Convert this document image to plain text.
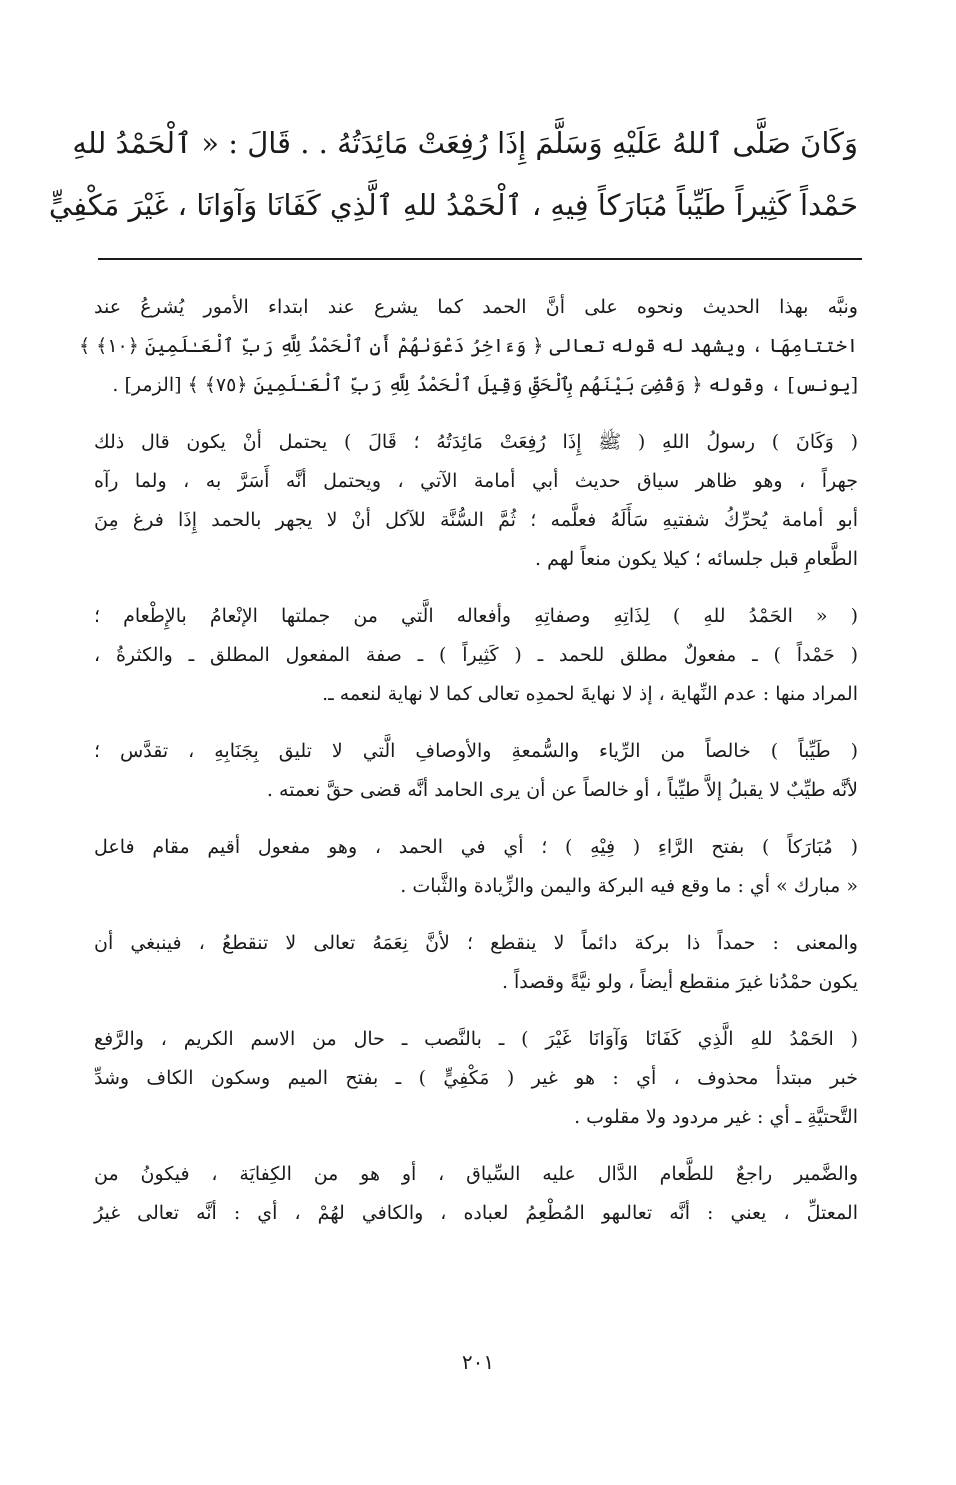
وَكَانَ صَلَّى ٱللهُ عَلَيْهِ وَسَلَّمَ إِذَا رُفِعَتْ مَائِدَتُهُ . . قَالَ : « ٱلْحَمْدُ للهِ
حَمْداً كَثِيراً طَيِّباً مُبَارَكاً فِيهِ ، ٱلْحَمْدُ للهِ ٱلَّذِي كَفَانَا وَآوَانَا ، غَيْرَ مَكْفِيٍّ

ونبَّه بهذا الحديث ونحوه على أنَّ الحمد كما يشرع عند ابتداء الأمور يُشرعُ عند
اختتامِهَا ، ويشهد له قوله تعالى ﴿ وَءَاخِرُ دَعْوَىٰهُمْ أَنِ ٱلْحَمْدُ لِلَّهِ رَبِّ ٱلْعَـٰلَمِينَ ﴿١٠﴾ ﴾
[يونس] ، وقوله ﴿ وَقُضِىَ بَيْنَهُم بِٱلْحَقِّ وَقِيلَ ٱلْحَمْدُ لِلَّهِ رَبِّ ٱلْعَـٰلَمِينَ ﴿٧٥﴾ ﴾ [الزمر] .

( وَكَانَ ) رسولُ اللهِ ( ﷺ إِذَا رُفِعَتْ مَائِدَتُهُ ؛ قَالَ ) يحتمل أنْ يكون قال ذلك
جهراً ، وهو ظاهر سياق حديث أبي أمامة الآتي ، ويحتمل أنَّه أَسَرَّ به ، ولما رآه
أبو أمامة يُحرِّكُ شفتيهِ سَأَلَهُ فعلَّمه ؛ ثُمَّ السُّنَّة للآكل أنْ لا يجهر بالحمد إِذَا فرغ مِنَ
الطَّعامِ قبل جلسائه ؛ كيلا يكون منعاً لهم .

( « الحَمْدُ للهِ ) لِذَاتِهِ وصفاتِهِ وأفعاله الَّتي من جملتها الإنْعامُ بالإِطْعام ؛
( حَمْداً ) ـ مفعولٌ مطلق للحمد ـ ( كَثِيراً ) ـ صفة المفعول المطلق ـ والكثرةُ ،
المراد منها : عدم النِّهاية ، إذ لا نهايةَ لحمدِه تعالى كما لا نهاية لنعمه ـ.

( طَيِّباً ) خالصاً من الرِّياء والسُّمعةِ والأوصافِ الَّتي لا تليق بِجَنَابِهِ ، تقدَّس ؛
لأنَّه طيِّبٌ لا يقبلُ إلاَّ طيِّباً ، أو خالصاً عن أن يرى الحامد أنَّه قضى حقَّ نعمته .

( مُبَارَكاً ) بفتح الرَّاءِ ( فِيْهِ ) ؛ أي في الحمد ، وهو مفعول أقيم مقام فاعل
« مبارك » أي : ما وقع فيه البركة واليمن والزِّيادة والثَّبات .

والمعنى : حمداً ذا بركة دائماً لا ينقطع ؛ لأنَّ نِعَمَهُ تعالى لا تنقطعُ ، فينبغي أن
يكون حمْدُنا غيرَ منقطع أيضاً ، ولو نيَّةً وقصداً .

( الحَمْدُ للهِ الَّذِي كَفَانَا وَآوَانَا غَيْرَ ) ـ بالنَّصب ـ حال من الاسم الكريم ، والرَّفع
خبر مبتدأ محذوف ، أي : هو غير ( مَكْفِيٍّ ) ـ بفتح الميم وسكون الكاف وشدِّ
التَّحتيَّةِ ـ أي : غير مردود ولا مقلوب .

والضَّمير راجعٌ للطَّعام الدَّال عليه السِّياق ، أو هو من الكِفايَة ، فيكونُ من
المعتلِّ ، يعني : أنَّه تعالىهو المُطْعِمُ لعباده ، والكافي لهُمْ ، أي : أنَّه تعالى غيرُ

٢٠١
